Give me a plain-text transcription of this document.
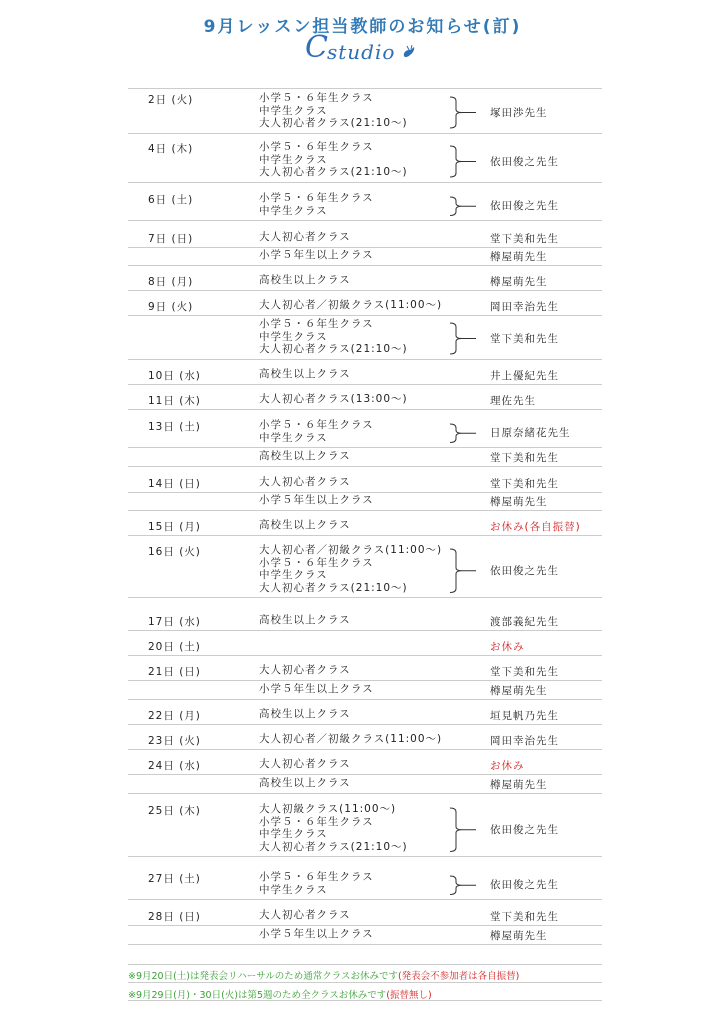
9月レッスン担当教師のお知らせ(訂)
C studio
2日 (火)	小学５・６年生クラス
中学生クラス
大人初心者クラス(21:10～)
塚田渉先生
4日 (木)	小学５・６年生クラス
中学生クラス
大人初心者クラス(21:10～)
依田俊之先生
6日 (土)	小学５・６年生クラス
中学生クラス	依田俊之先生
7日 (日)	大人初心者クラス	堂下美和先生
小学５年生以上クラス	樽屋萌先生
8日 (月)	高校生以上クラス	樽屋萌先生
9日 (火)	大人初心者／初級クラス(11:00～)	岡田幸治先生
小学５・６年生クラス
中学生クラス
大人初心者クラス(21:10～)
堂下美和先生
10日 (水)	高校生以上クラス	井上優紀先生
11日 (木)	大人初心者クラス(13:00～)	理佐先生
13日 (土)	小学５・６年生クラス
中学生クラス	日原奈緒花先生
高校生以上クラス	堂下美和先生
14日 (日)	大人初心者クラス	堂下美和先生
小学５年生以上クラス	樽屋萌先生
15日 (月)	高校生以上クラス	お休み(各自振替)
16日 (火)	大人初心者／初級クラス(11:00～)
小学５・６年生クラス
中学生クラス
大人初心者クラス(21:10～)
依田俊之先生
17日 (水)	高校生以上クラス	渡部義紀先生
20日 (土)	お休み
21日 (日)	大人初心者クラス	堂下美和先生
小学５年生以上クラス	樽屋萌先生
22日 (月)	高校生以上クラス	垣見帆乃先生
23日 (火)	大人初心者／初級クラス(11:00～)	岡田幸治先生
24日 (水)	大人初心者クラス	お休み
高校生以上クラス	樽屋萌先生
25日 (木)	大人初級クラス(11:00～)
小学５・６年生クラス
中学生クラス
大人初心者クラス(21:10～)
依田俊之先生
27日 (土)	小学５・６年生クラス
中学生クラス	依田俊之先生
28日 (日)	大人初心者クラス	堂下美和先生
小学５年生以上クラス	樽屋萌先生
※9月20日(土)は発表会リハーサルのため通常クラスお休みです(発表会不参加者は各自振替)
※9月29日(月)・30日(火)は第5週のため全クラスお休みです(振替無し)
